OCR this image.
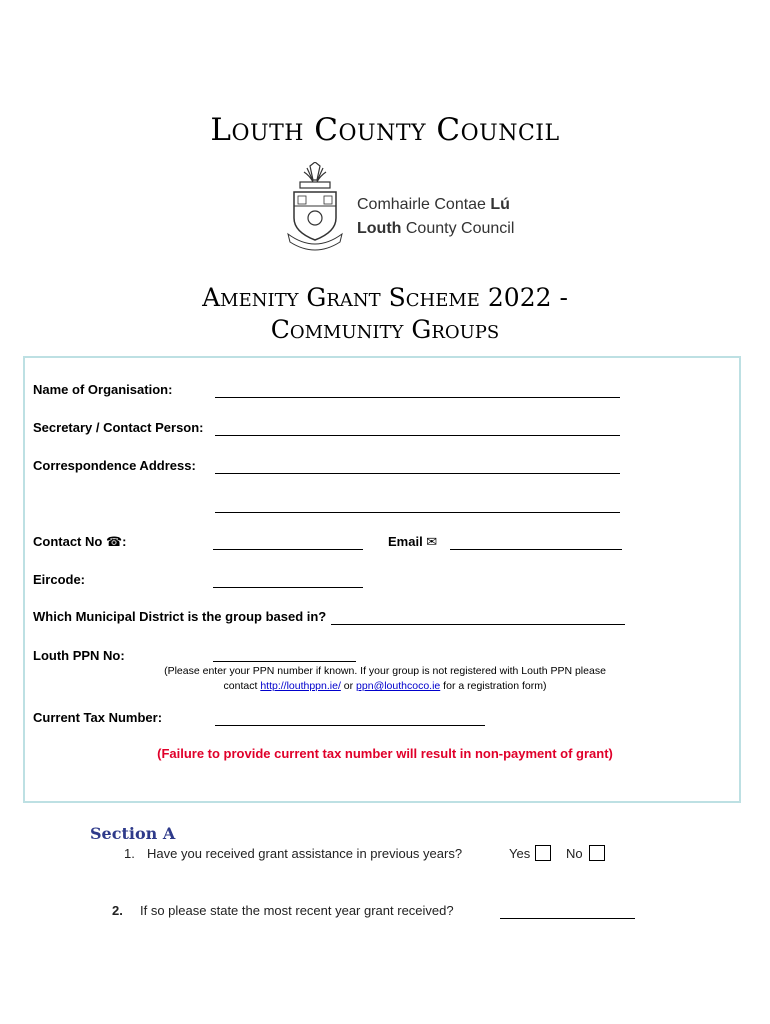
Louth County Council
Comhairle Contae Lú
Louth County Council
Amenity Grant Scheme 2022 -
Community Groups
Name of Organisation:
Secretary / Contact Person:
Correspondence Address:
Contact No ☎:	Email ✉
Eircode:
Which Municipal District is the group based in?
Louth PPN No:
(Please enter your PPN number if known. If your group is not registered with Louth PPN please
contact http://louthppn.ie/ or ppn@louthcoco.ie for a registration form)
Current Tax Number:
(Failure to provide current tax number will result in non-payment of grant)
Section A
1. Have you received grant assistance in previous years?	Yes	No
2. If so please state the most recent year grant received?
